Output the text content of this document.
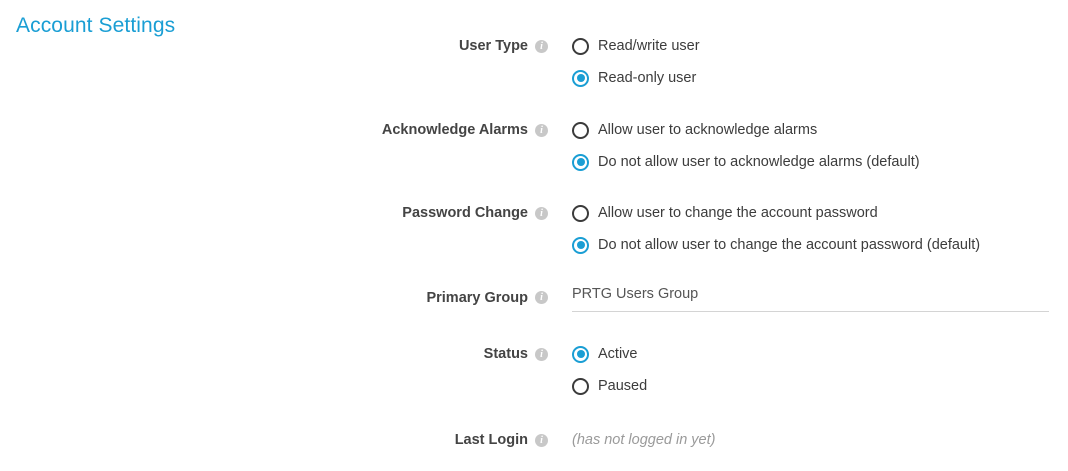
Account Settings
User Type	i	Read/write user
Read-only user
Acknowledge Alarms	i	Allow user to acknowledge alarms
Do not allow user to acknowledge alarms (default)
Password Change	i	Allow user to change the account password
Do not allow user to change the account password (default)
Primary Group	i	PRTG Users Group
Status	i	Active
Paused
Last Login	i	(has not logged in yet)
